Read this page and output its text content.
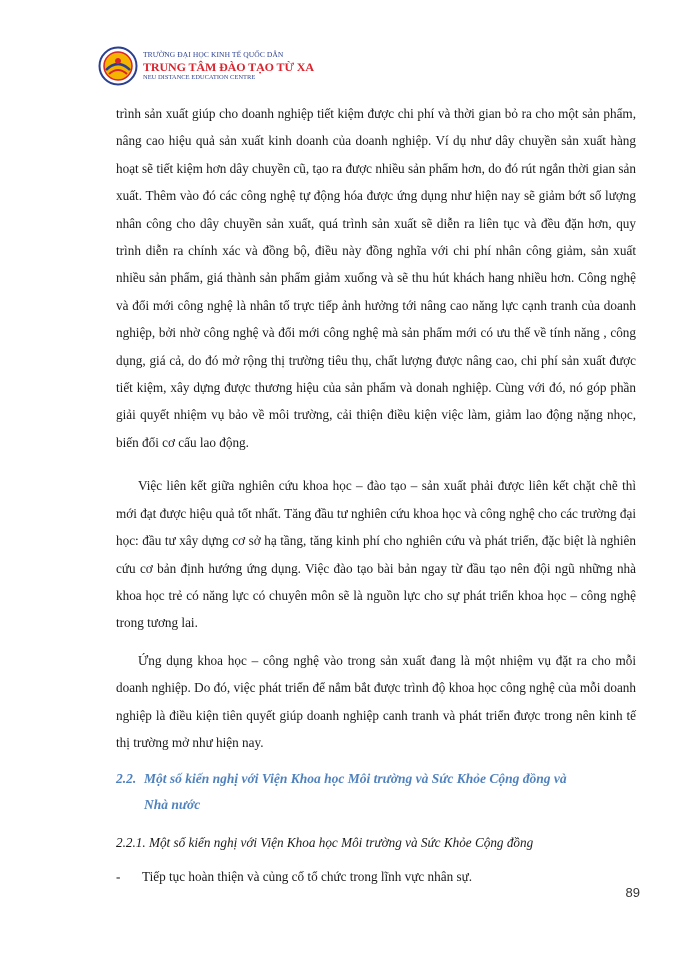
TRƯỜNG ĐẠI HỌC KINH TẾ QUỐC DÂN
TRUNG TÂM ĐÀO TẠO TỪ XA
NEU DISTANCE EDUCATION CENTRE
trình sản xuất giúp cho doanh nghiệp tiết kiệm được chi phí và thời gian bỏ ra cho một sản phẩm, nâng cao hiệu quả sản xuất kinh doanh của doanh nghiệp. Ví dụ như dây chuyền sản xuất hàng hoạt sẽ tiết kiệm hơn dây chuyền cũ, tạo ra được nhiều sản phẩm hơn, do đó rút ngắn thời gian sản xuất. Thêm vào đó các công nghệ tự động hóa được ứng dụng như hiện nay sẽ giảm bớt số lượng nhân công cho dây chuyền sản xuất, quá trình sản xuất sẽ diễn ra liên tục và đều đặn hơn, quy trình diễn ra chính xác và đồng bộ, điều này đồng nghĩa với chi phí nhân công giảm, sản xuất nhiều sản phẩm, giá thành sản phẩm giảm xuống và sẽ thu hút khách hang nhiều hơn. Công nghệ và đổi mới công nghệ là nhân tố trực tiếp ảnh hưởng tới nâng cao năng lực cạnh tranh của doanh nghiệp, bởi nhờ công nghệ và đổi mới công nghệ mà sản phẩm mới có ưu thế về tính năng , công dụng, giá cả, do đó mở rộng thị trường tiêu thụ, chất lượng được nâng cao, chi phí sản xuất được tiết kiệm, xây dựng được thương hiệu của sản phẩm và donah nghiệp. Cùng với đó, nó góp phần giải quyết nhiệm vụ bảo về môi trường, cải thiện điều kiện việc làm, giảm lao động nặng nhọc, biến đổi cơ cấu lao động.
Việc liên kết giữa nghiên cứu khoa học – đào tạo – sản xuất phải được liên kết chặt chẽ thì mới đạt được hiệu quả tốt nhất. Tăng đầu tư nghiên cứu khoa học và công nghệ cho các trường đại học: đầu tư xây dựng cơ sở hạ tầng, tăng kinh phí cho nghiên cứu và phát triển, đặc biệt là nghiên cứu cơ bản định hướng ứng dụng. Việc đào tạo bài bản ngay từ đầu tạo nên đội ngũ những nhà khoa học trẻ có năng lực có chuyên môn sẽ là nguồn lực cho sự phát triển khoa học – công nghệ trong tương lai.
Ứng dụng khoa học – công nghệ vào trong sản xuất đang là một nhiệm vụ đặt ra cho mỗi doanh nghiệp. Do đó, việc phát triển để nắm bắt được trình độ khoa học công nghệ của mỗi doanh nghiệp là điều kiện tiên quyết giúp doanh nghiệp canh tranh và phát triển được trong nên kinh tế thị trường mở như hiện nay.
2.2. Một số kiến nghị với Viện Khoa học Môi trường và Sức Khỏe Cộng đồng và
Nhà nước
2.2.1. Một số kiến nghị với Viện Khoa học Môi trường và Sức Khỏe Cộng đồng
-	Tiếp tục hoàn thiện và củng cố tổ chức trong lĩnh vực nhân sự.
89
